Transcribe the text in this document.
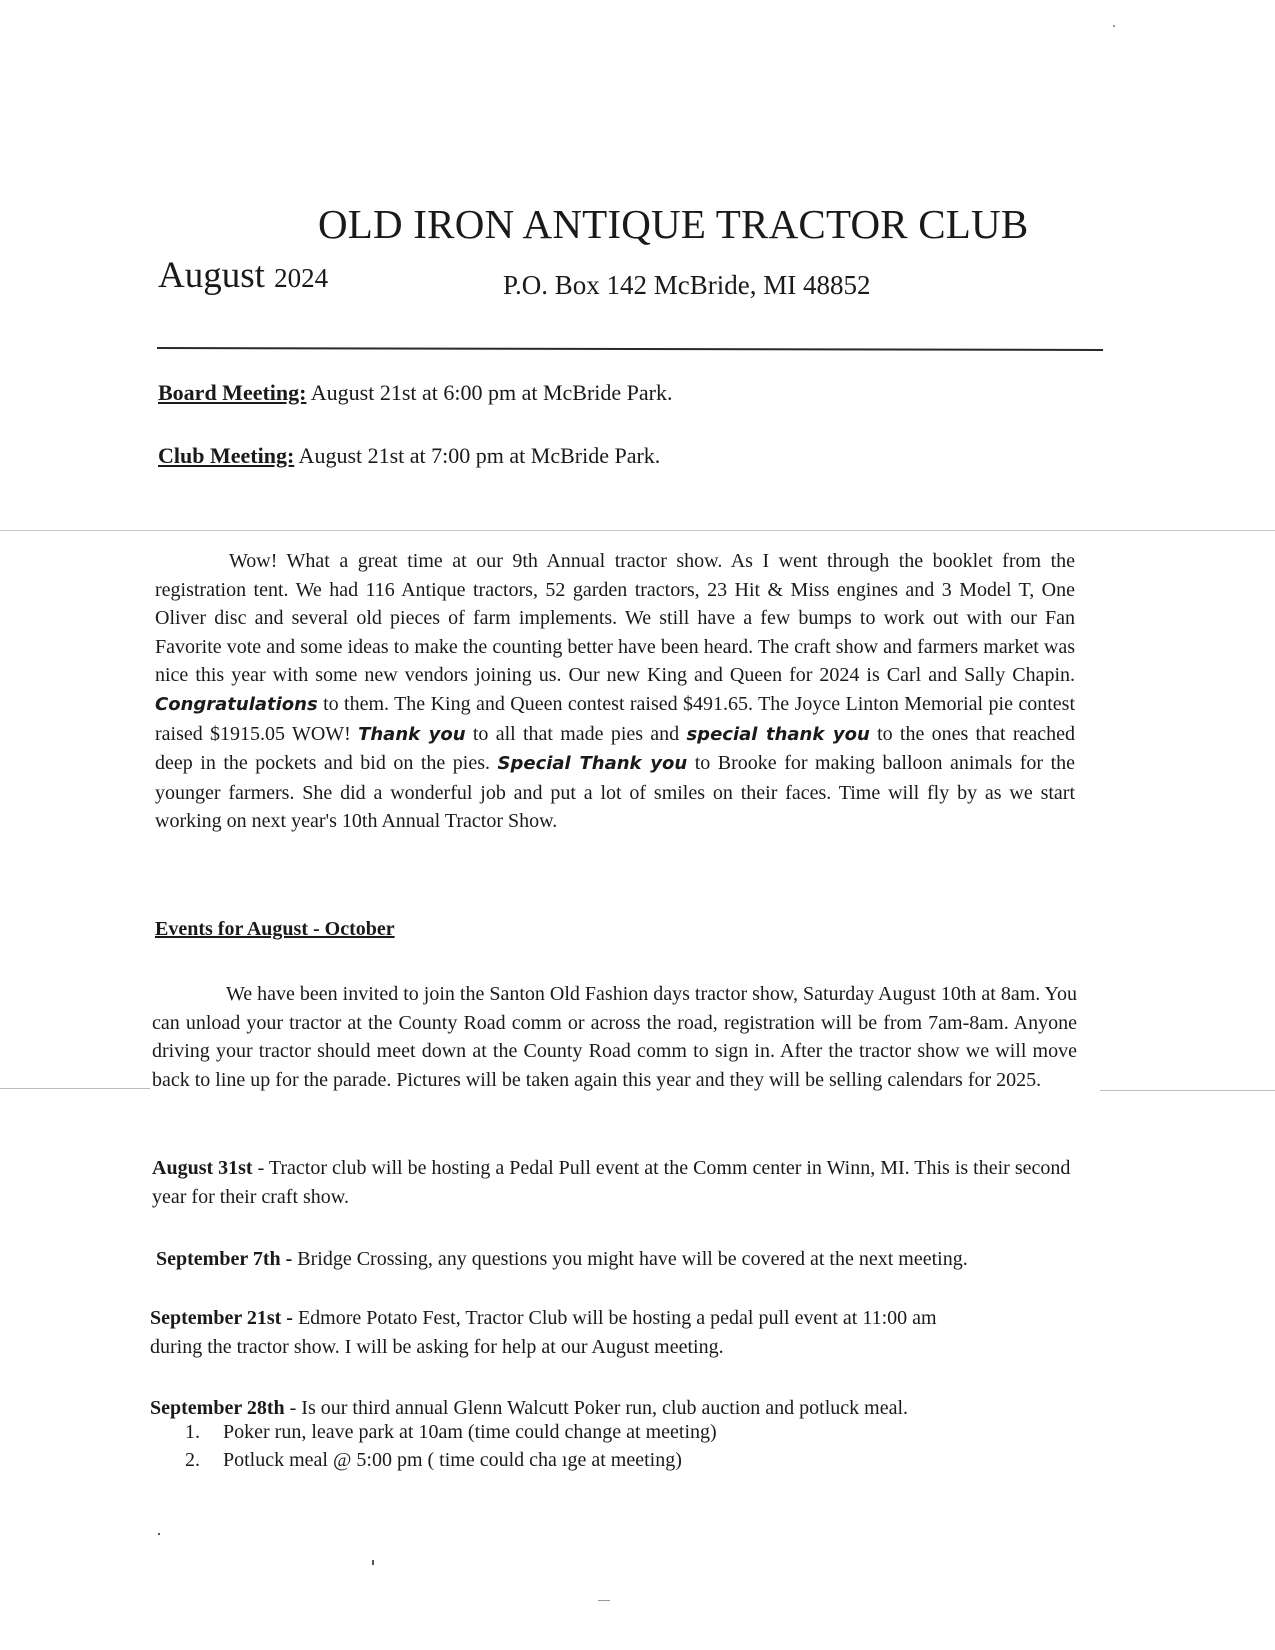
OLD IRON ANTIQUE TRACTOR CLUB
August 2024	P.O. Box 142 McBride, MI 48852
Board Meeting: August 21st at 6:00 pm at McBride Park.
Club Meeting: August 21st at 7:00 pm at McBride Park.
Wow! What a great time at our 9th Annual tractor show. As I went through the booklet from the registration tent. We had 116 Antique tractors, 52 garden tractors, 23 Hit & Miss engines and 3 Model T, One Oliver disc and several old pieces of farm implements. We still have a few bumps to work out with our Fan Favorite vote and some ideas to make the counting better have been heard. The craft show and farmers market was nice this year with some new vendors joining us. Our new King and Queen for 2024 is Carl and Sally Chapin. Congratulations to them. The King and Queen contest raised $491.65. The Joyce Linton Memorial pie contest raised $1915.05 WOW! Thank you to all that made pies and special thank you to the ones that reached deep in the pockets and bid on the pies. Special Thank you to Brooke for making balloon animals for the younger farmers. She did a wonderful job and put a lot of smiles on their faces. Time will fly by as we start working on next year's 10th Annual Tractor Show.
Events for August - October
We have been invited to join the Santon Old Fashion days tractor show, Saturday August 10th at 8am. You can unload your tractor at the County Road comm or across the road, registration will be from 7am-8am. Anyone driving your tractor should meet down at the County Road comm to sign in. After the tractor show we will move back to line up for the parade. Pictures will be taken again this year and they will be selling calendars for 2025.
August 31st - Tractor club will be hosting a Pedal Pull event at the Comm center in Winn, MI. This is their second year for their craft show.
September 7th - Bridge Crossing, any questions you might have will be covered at the next meeting.
September 21st - Edmore Potato Fest, Tractor Club will be hosting a pedal pull event at 11:00 am during the tractor show. I will be asking for help at our August meeting.
September 28th - Is our third annual Glenn Walcutt Poker run, club auction and potluck meal.
1. Poker run, leave park at 10am (time could change at meeting)
2. Potluck meal @ 5:00 pm ( time could cha ıge at meeting)
